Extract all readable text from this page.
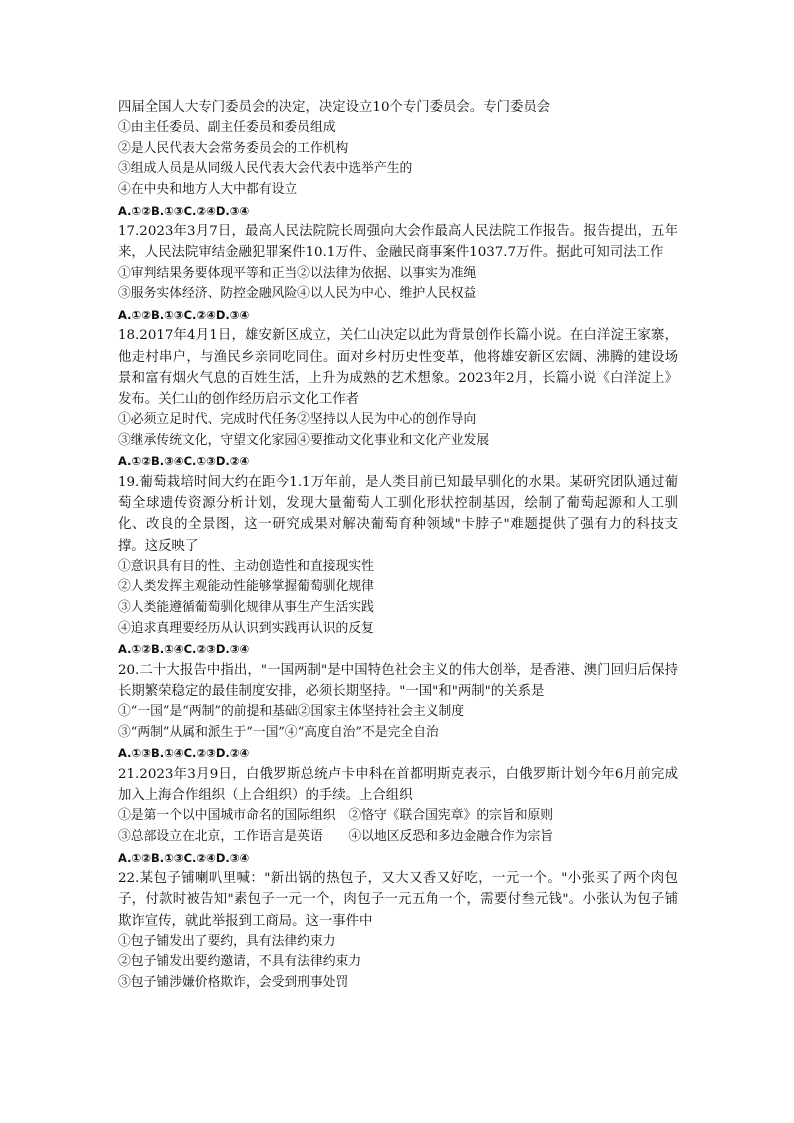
四届全国人大专门委员会的决定，决定设立10个专门委员会。专门委员会
①由主任委员、副主任委员和委员组成
②是人民代表大会常务委员会的工作机构
③组成人员是从同级人民代表大会代表中选举产生的
④在中央和地方人大中都有设立
A.①②B.①③C.②④D.③④
17.2023年3月7日，最高人民法院院长周强向大会作最高人民法院工作报告。报告提出，五年来，人民法院审结金融犯罪案件10.1万件、金融民商事案件1037.7万件。据此可知司法工作
①审判结果务要体现平等和正当②以法律为依据、以事实为准绳
③服务实体经济、防控金融风险④以人民为中心、维护人民权益
A.①②B.①③C.②④D.③④
18.2017年4月1日，雄安新区成立，关仁山决定以此为背景创作长篇小说。在白洋淀王家寨，他走村串户，与渔民乡亲同吃同住。面对乡村历史性变革，他将雄安新区宏阔、沸腾的建设场景和富有烟火气息的百姓生活，上升为成熟的艺术想象。2023年2月，长篇小说《白洋淀上》发布。关仁山的创作经历启示文化工作者
①必须立足时代、完成时代任务②坚持以人民为中心的创作导向
③继承传统文化，守望文化家园④要推动文化事业和文化产业发展
A.①②B.③④C.①③D.②④
19.葡萄栽培时间大约在距今1.1万年前，是人类目前已知最早驯化的水果。某研究团队通过葡萄全球遗传资源分析计划，发现大量葡萄人工驯化形状控制基因，绘制了葡萄起源和人工驯化、改良的全景图，这一研究成果对解决葡萄育种领域"卡脖子"难题提供了强有力的科技支撑。这反映了
①意识具有目的性、主动创造性和直接现实性
②人类发挥主观能动性能够掌握葡萄驯化规律
③人类能遵循葡萄驯化规律从事生产生活实践
④追求真理要经历从认识到实践再认识的反复
A.①②B.①④C.②③D.③④
20.二十大报告中指出，"一国两制"是中国特色社会主义的伟大创举，是香港、澳门回归后保持长期繁荣稳定的最佳制度安排，必须长期坚持。"一国"和"两制"的关系是
①“一国”是“两制”的前提和基础②国家主体坚持社会主义制度
③“两制”从属和派生于“一国”④“高度自治”不是完全自治
A.①③B.①④C.②③D.②④
21.2023年3月9日，白俄罗斯总统卢卡申科在首都明斯克表示，白俄罗斯计划今年6月前完成加入上海合作组织（上合组织）的手续。上合组织
①是第一个以中国城市命名的国际组织　②恪守《联合国宪章》的宗旨和原则
③总部设立在北京，工作语言是英语　　④以地区反恐和多边金融合作为宗旨
A.①②B.①③C.②④D.③④
22.某包子铺喇叭里喊："新出锅的热包子，又大又香又好吃，一元一个。"小张买了两个肉包子，付款时被告知"素包子一元一个，肉包子一元五角一个，需要付叁元钱"。小张认为包子铺欺诈宣传，就此举报到工商局。这一事件中
①包子铺发出了要约，具有法律约束力
②包子铺发出要约邀请，不具有法律约束力
③包子铺涉嫌价格欺诈，会受到刑事处罚
